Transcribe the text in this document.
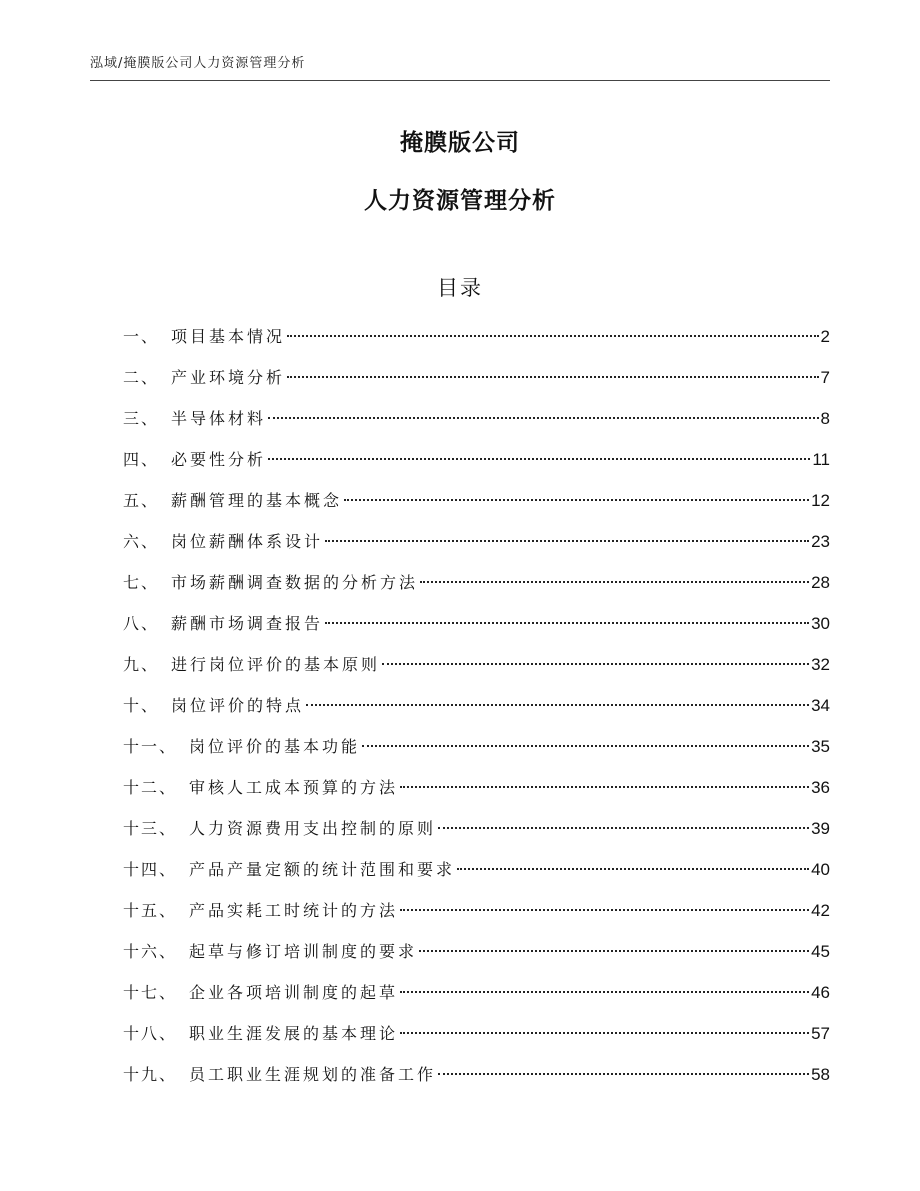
泓域/掩膜版公司人力资源管理分析
掩膜版公司
人力资源管理分析
目录
一、 项目基本情况	2
二、 产业环境分析	7
三、 半导体材料	8
四、 必要性分析	11
五、 薪酬管理的基本概念	12
六、 岗位薪酬体系设计	23
七、 市场薪酬调查数据的分析方法	28
八、 薪酬市场调查报告	30
九、 进行岗位评价的基本原则	32
十、 岗位评价的特点	34
十一、 岗位评价的基本功能	35
十二、 审核人工成本预算的方法	36
十三、 人力资源费用支出控制的原则	39
十四、 产品产量定额的统计范围和要求	40
十五、 产品实耗工时统计的方法	42
十六、 起草与修订培训制度的要求	45
十七、 企业各项培训制度的起草	46
十八、 职业生涯发展的基本理论	57
十九、 员工职业生涯规划的准备工作	58
